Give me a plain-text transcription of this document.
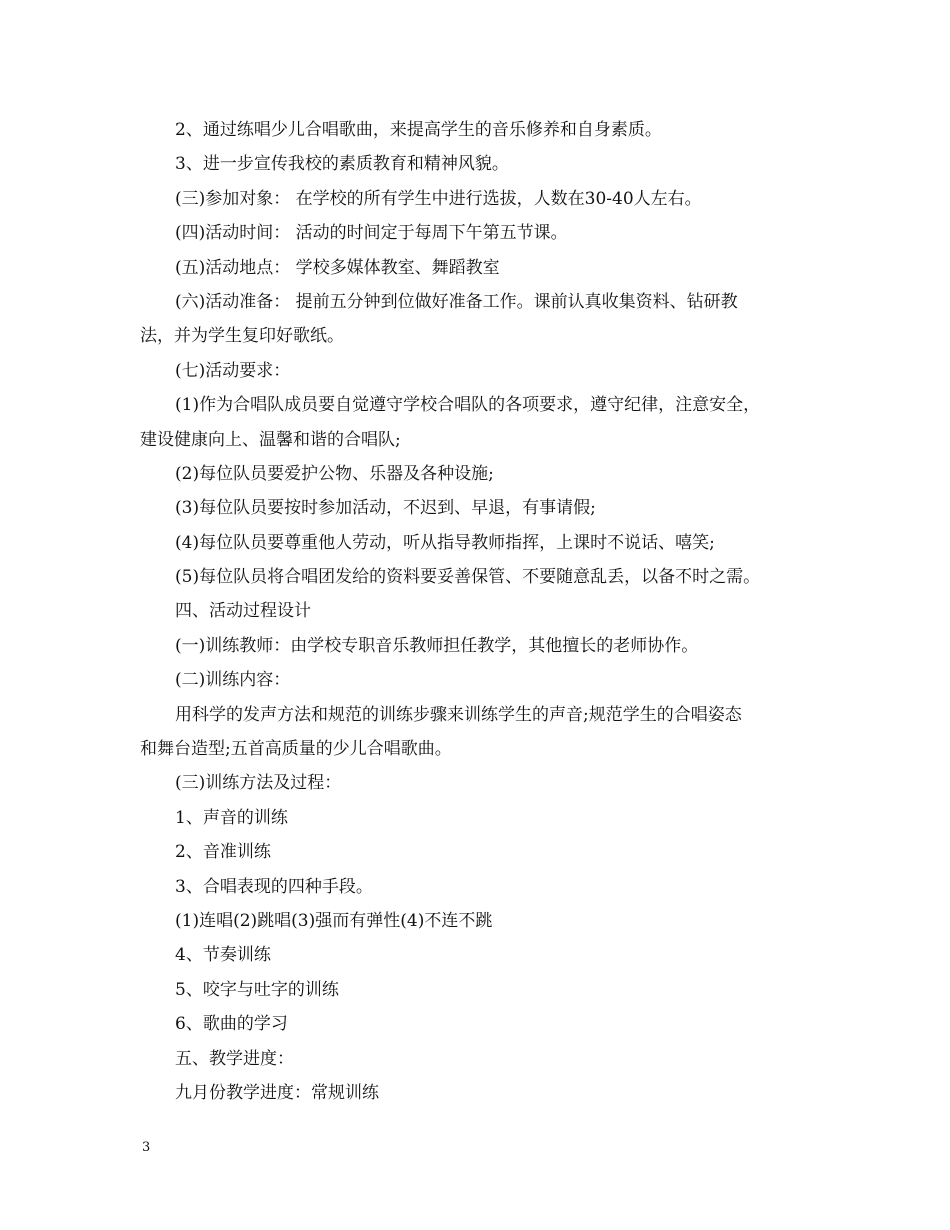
2、通过练唱少儿合唱歌曲，来提高学生的音乐修养和自身素质。
3、进一步宣传我校的素质教育和精神风貌。
(三)参加对象： 在学校的所有学生中进行选拔，人数在30-40人左右。
(四)活动时间： 活动的时间定于每周下午第五节课。
(五)活动地点： 学校多媒体教室、舞蹈教室
(六)活动准备： 提前五分钟到位做好准备工作。课前认真收集资料、钻研教
法，并为学生复印好歌纸。
(七)活动要求：
(1)作为合唱队成员要自觉遵守学校合唱队的各项要求，遵守纪律，注意安全，
建设健康向上、温馨和谐的合唱队;
(2)每位队员要爱护公物、乐器及各种设施;
(3)每位队员要按时参加活动，不迟到、早退，有事请假;
(4)每位队员要尊重他人劳动，听从指导教师指挥，上课时不说话、嘻笑;
(5)每位队员将合唱团发给的资料要妥善保管、不要随意乱丢，以备不时之需。
四、活动过程设计
(一)训练教师：由学校专职音乐教师担任教学，其他擅长的老师协作。
(二)训练内容：
用科学的发声方法和规范的训练步骤来训练学生的声音;规范学生的合唱姿态
和舞台造型;五首高质量的少儿合唱歌曲。
(三)训练方法及过程：
1、声音的训练
2、音准训练
3、合唱表现的四种手段。
(1)连唱(2)跳唱(3)强而有弹性(4)不连不跳
4、节奏训练
5、咬字与吐字的训练
6、歌曲的学习
五、教学进度：
九月份教学进度：常规训练
3
